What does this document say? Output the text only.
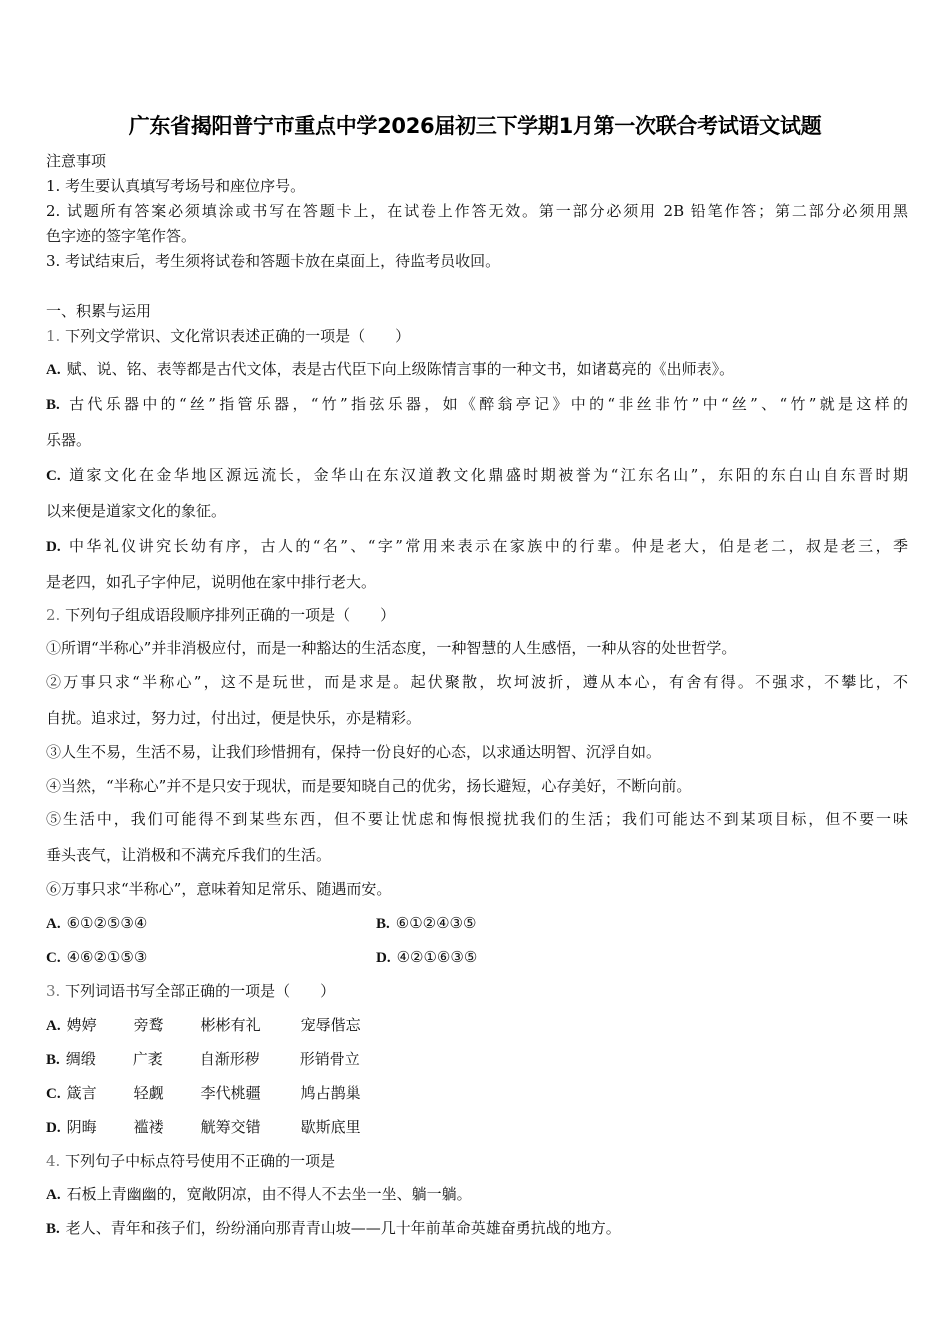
广东省揭阳普宁市重点中学2026届初三下学期1月第一次联合考试语文试题
注意事项
1. 考生要认真填写考场号和座位序号。
2. 试题所有答案必须填涂或书写在答题卡上，在试卷上作答无效。第一部分必须用 2B 铅笔作答；第二部分必须用黑
色字迹的签字笔作答。
3. 考试结束后，考生须将试卷和答题卡放在桌面上，待监考员收回。
一、积累与运用
1. 下列文学常识、文化常识表述正确的一项是（　　）
A. 赋、说、铭、表等都是古代文体，表是古代臣下向上级陈情言事的一种文书，如诸葛亮的《出师表》。
B. 古代乐器中的“丝”指管乐器，“竹”指弦乐器，如《醉翁亭记》中的“非丝非竹”中“丝”、“竹”就是这样的
乐器。
C. 道家文化在金华地区源远流长，金华山在东汉道教文化鼎盛时期被誉为“江东名山”，东阳的东白山自东晋时期
以来便是道家文化的象征。
D. 中华礼仪讲究长幼有序，古人的“名”、“字”常用来表示在家族中的行辈。仲是老大，伯是老二，叔是老三，季
是老四，如孔子字仲尼，说明他在家中排行老大。
2. 下列句子组成语段顺序排列正确的一项是（　　）
①所谓“半称心”并非消极应付，而是一种豁达的生活态度，一种智慧的人生感悟，一种从容的处世哲学。
②万事只求“半称心”，这不是玩世，而是求是。起伏聚散，坎坷波折，遵从本心，有舍有得。不强求，不攀比，不
自扰。追求过，努力过，付出过，便是快乐，亦是精彩。
③人生不易，生活不易，让我们珍惜拥有，保持一份良好的心态，以求通达明智、沉浮自如。
④当然，“半称心”并不是只安于现状，而是要知晓自己的优劣，扬长避短，心存美好，不断向前。
⑤生活中，我们可能得不到某些东西，但不要让忧虑和悔恨搅扰我们的生活；我们可能达不到某项目标，但不要一味
垂头丧气，让消极和不满充斥我们的生活。
⑥万事只求“半称心”，意味着知足常乐、随遇而安。
A. ⑥①②⑤③④	B. ⑥①②④③⑤
C. ④⑥②①⑤③	D. ④②①⑥③⑤
3. 下列词语书写全部正确的一项是（　　）
A. 娉婷 旁鹜 彬彬有礼	宠辱偕忘
B. 绸缎 广袤 自渐形秽	形销骨立
C. 箴言 轻觑 李代桃疆	鸠占鹊巢
D. 阴晦 褴褛 觥筹交错	歇斯底里
4. 下列句子中标点符号使用不正确的一项是
A. 石板上青幽幽的，宽敞阴凉，由不得人不去坐一坐、躺一躺。
B. 老人、青年和孩子们，纷纷涌向那青青山坡——几十年前革命英雄奋勇抗战的地方。
